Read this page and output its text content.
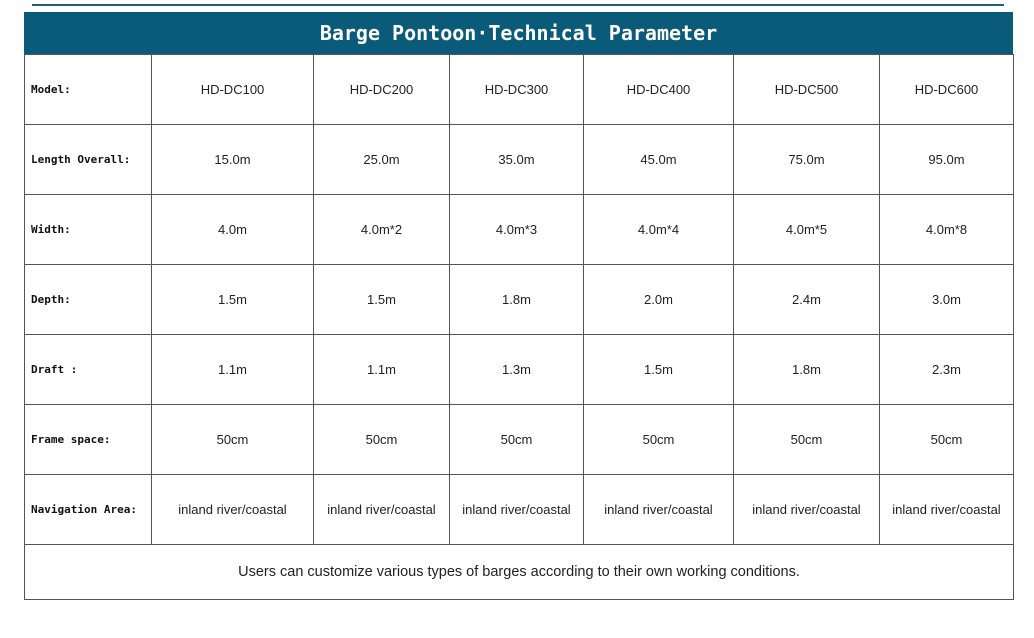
Barge Pontoon·Technical Parameter
Model:	HD-DC100	HD-DC200	HD-DC300	HD-DC400	HD-DC500	HD-DC600
Length Overall:	15.0m	25.0m	35.0m	45.0m	75.0m	95.0m
Width:	4.0m	4.0m*2	4.0m*3	4.0m*4	4.0m*5	4.0m*8
Depth:	1.5m	1.5m	1.8m	2.0m	2.4m	3.0m
Draft :	1.1m	1.1m	1.3m	1.5m	1.8m	2.3m
Frame space:	50cm	50cm	50cm	50cm	50cm	50cm
Navigation Area:	inland river/coastal	inland river/coastal	inland river/coastal	inland river/coastal	inland river/coastal	inland river/coastal
Users can customize various types of barges according to their own working conditions.						
